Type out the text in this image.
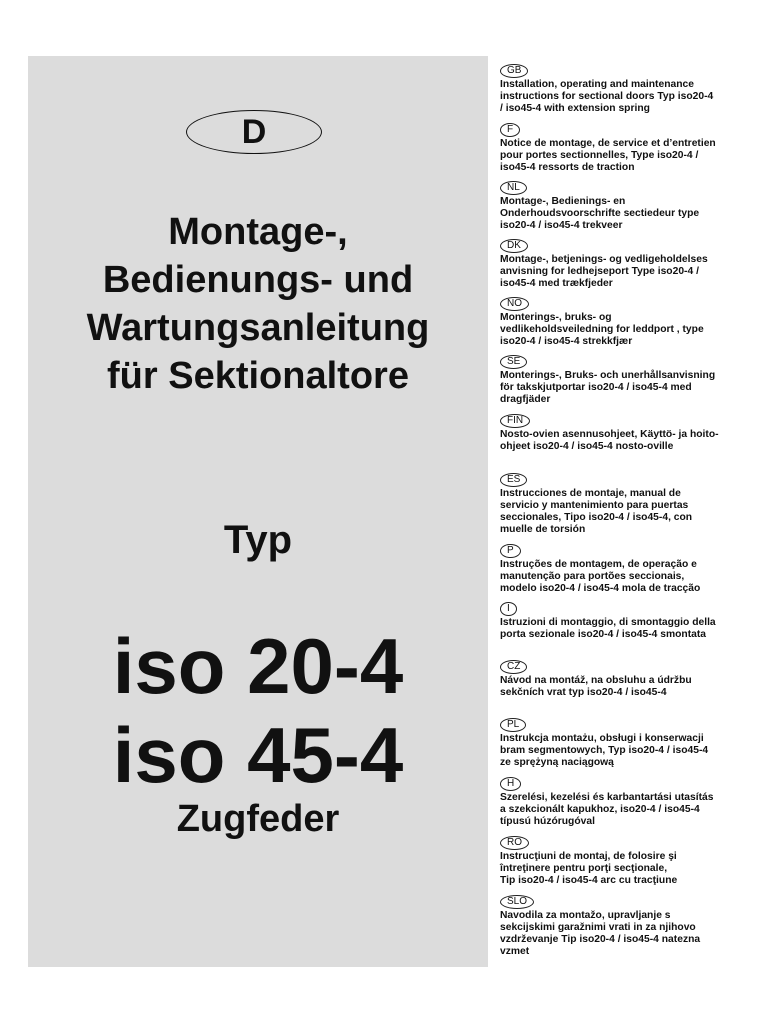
D
Montage-,
Bedienungs- und
Wartungsanleitung
für Sektionaltore
Typ
iso 20-4
iso 45-4
Zugfeder
GB
Installation, operating and maintenance
instructions for sectional doors Typ iso20-4
/ iso45-4 with extension spring
F
Notice de montage, de service et d’entretien
pour portes sectionnelles, Type iso20-4 /
iso45-4 ressorts de traction
NL
Montage-, Bedienings- en
Onderhoudsvoorschrifte sectiedeur type
iso20-4 / iso45-4 trekveer
DK
Montage-, betjenings- og vedligeholdelses
anvisning for ledhejseport Type iso20-4 /
iso45-4 med trækfjeder
NO
Monterings-, bruks- og
vedlikeholdsveiledning for leddport , type
iso20-4 / iso45-4 strekkfjær
SE
Monterings-, Bruks- och unerhållsanvisning
för takskjutportar iso20-4 / iso45-4 med
dragfjäder
FIN
Nosto-ovien asennusohjeet, Käyttö- ja hoito-
ohjeet iso20-4 / iso45-4 nosto-oville
ES
Instrucciones de montaje, manual de
servicio y mantenimiento para puertas
seccionales, Tipo iso20-4 / iso45-4, con
muelle de torsión
P
Instruções de montagem, de operação e
manutenção para portões seccionais,
modelo iso20-4 / iso45-4 mola de tracção
I
Istruzioni di montaggio, di smontaggio della
porta sezionale iso20-4 / iso45-4 smontata
CZ
Návod na montáž, na obsluhu a údržbu
sekčních vrat typ iso20-4 / iso45-4
PL
Instrukcja montażu, obsługi i konserwacji
bram segmentowych, Typ iso20-4 / iso45-4
ze sprężyną naciągową
H
Szerelési, kezelési és karbantartási utasítás
a szekcionált kapukhoz, iso20-4 / iso45-4
típusú húzórugóval
RO
Instrucţiuni de montaj, de folosire şi
întreţinere pentru porţi secţionale,
Tip iso20-4 / iso45-4 arc cu tracţiune
SLO
Navodila za montažo, upravljanje s
sekcijskimi garažnimi vrati in za njihovo
vzdrževanje Tip iso20-4 / iso45-4 natezna
vzmet
